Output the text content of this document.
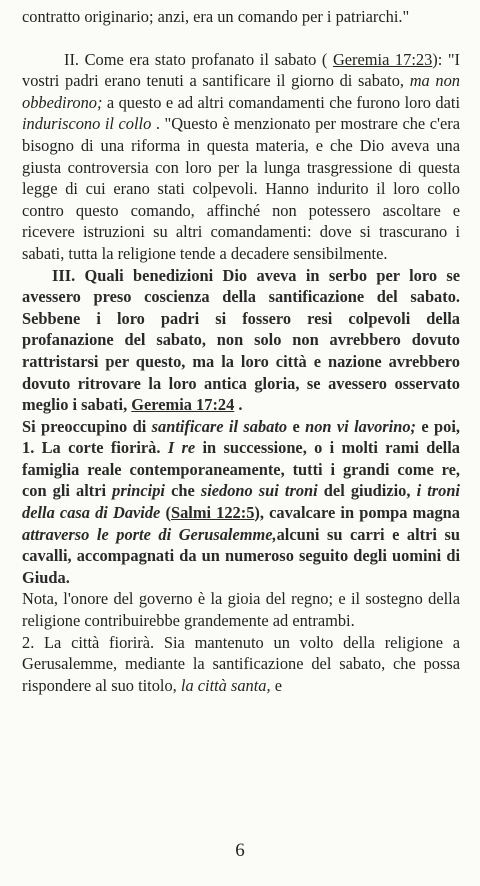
contratto originario; anzi, era un comando per i patriarchi."

II. Come era stato profanato il sabato ( Geremia 17:23): "I vostri padri erano tenuti a santificare il giorno di sabato, ma non obbedirono; a questo e ad altri comandamenti che furono loro dati induriscono il collo . "Questo è menzionato per mostrare che c'era bisogno di una riforma in questa materia, e che Dio aveva una giusta controversia con loro per la lunga trasgressione di questa legge di cui erano stati colpevoli. Hanno indurito il loro collo contro questo comando, affinché non potessero ascoltare e ricevere istruzioni su altri comandamenti: dove si trascurano i sabati, tutta la religione tende a decadere sensibilmente.

III. Quali benedizioni Dio aveva in serbo per loro se avessero preso coscienza della santificazione del sabato. Sebbene i loro padri si fossero resi colpevoli della profanazione del sabato, non solo non avrebbero dovuto rattristarsi per questo, ma la loro città e nazione avrebbero dovuto ritrovare la loro antica gloria, se avessero osservato meglio i sabati, Geremia 17:24 .

Si preoccupino di santificare il sabato e non vi lavorino; e poi, 1. La corte fiorirà. I re in successione, o i molti rami della famiglia reale contemporaneamente, tutti i grandi come re, con gli altri principi che siedono sui troni del giudizio, i troni della casa di Davide (Salmi 122:5), cavalcare in pompa magna attraverso le porte di Gerusalemme,alcuni su carri e altri su cavalli, accompagnati da un numeroso seguito degli uomini di Giuda.

Nota, l'onore del governo è la gioia del regno; e il sostegno della religione contribuirebbe grandemente ad entrambi.

2. La città fiorirà. Sia mantenuto un volto della religione a Gerusalemme, mediante la santificazione del sabato, che possa rispondere al suo titolo, la città santa, e

6
